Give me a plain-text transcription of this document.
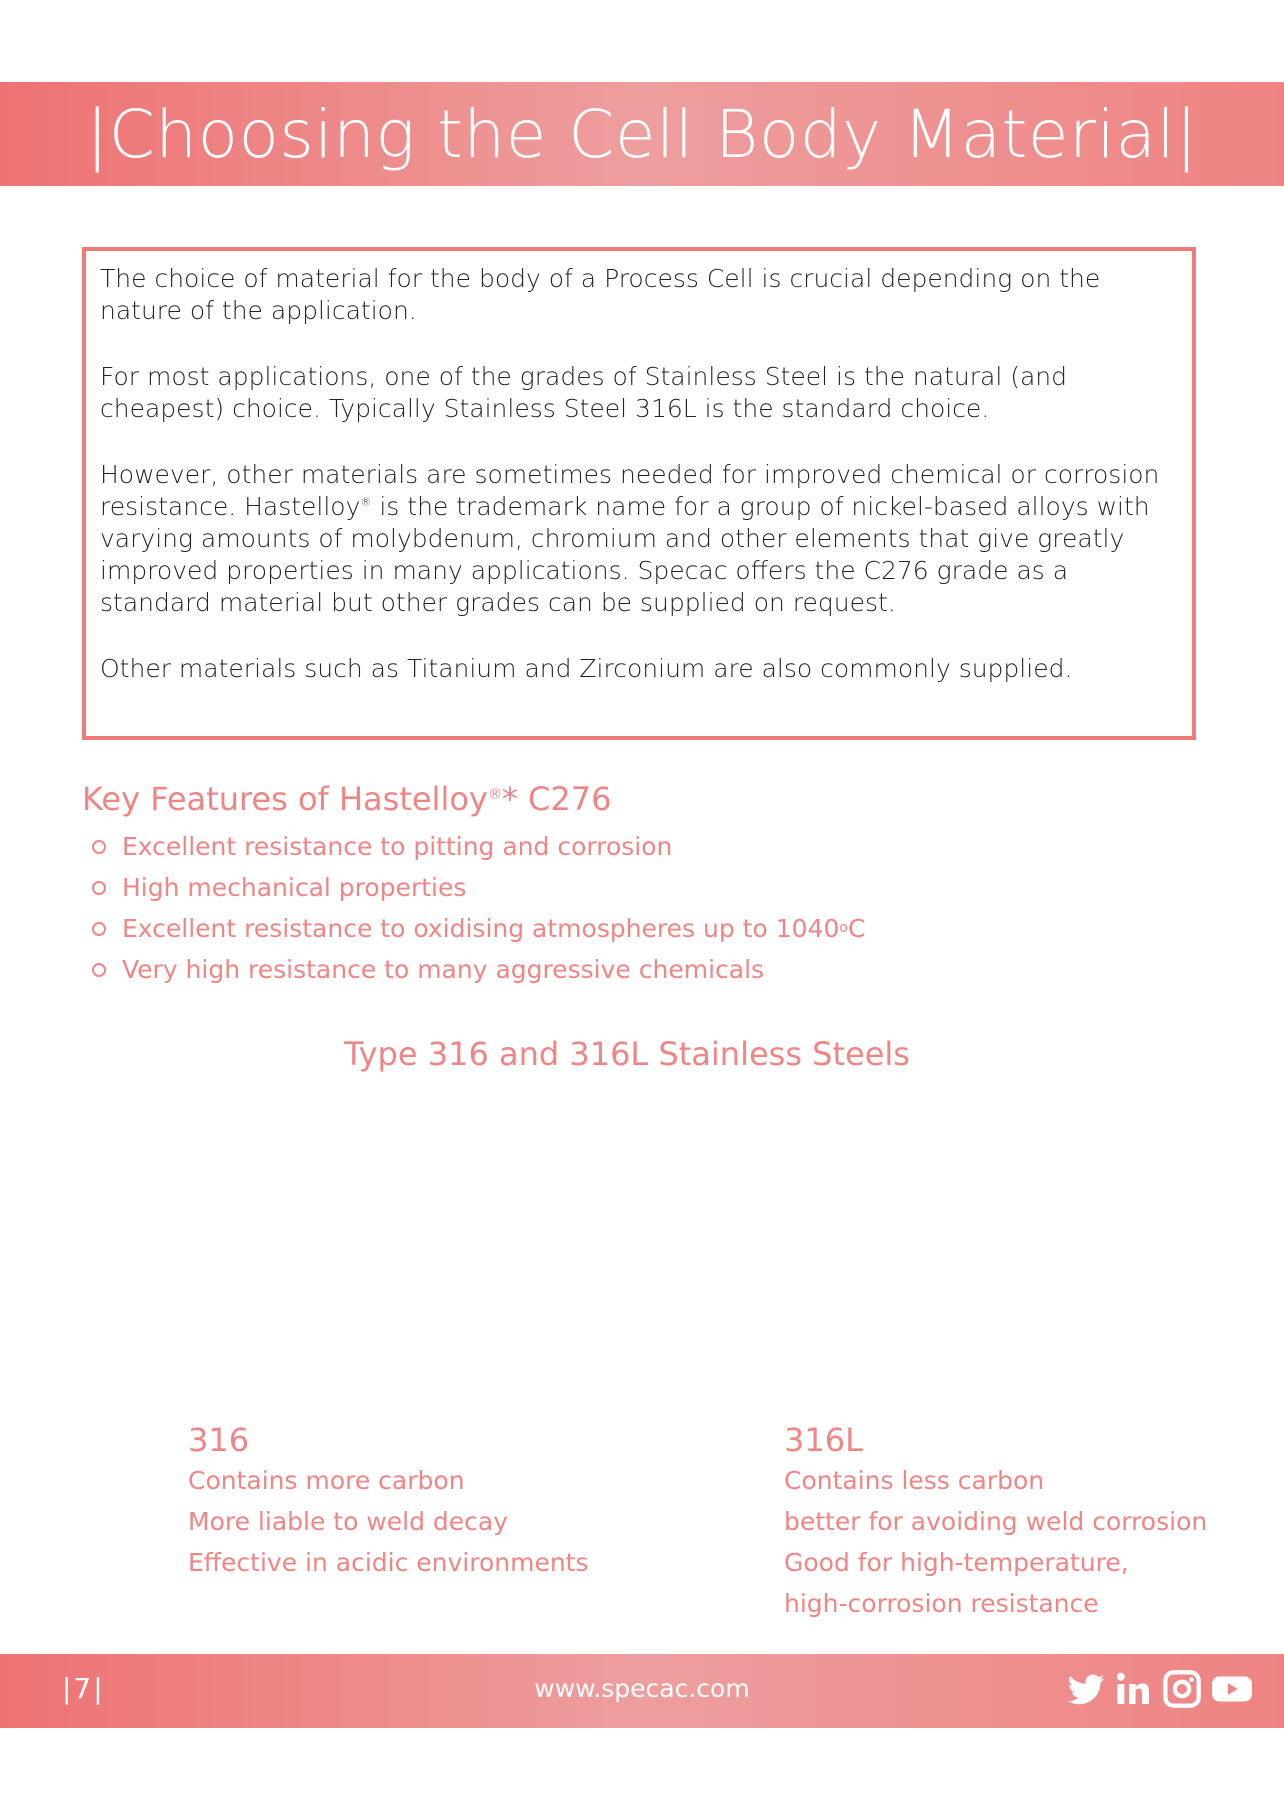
|Choosing the Cell Body Material|

The choice of material for the body of a Process Cell is crucial depending on the nature of the application.

For most applications, one of the grades of Stainless Steel is the natural (and cheapest) choice. Typically Stainless Steel 316L is the standard choice.

However, other materials are sometimes needed for improved chemical or corrosion resistance. Hastelloy® is the trademark name for a group of nickel-based alloys with varying amounts of molybdenum, chromium and other elements that give greatly improved properties in many applications. Specac offers the C276 grade as a standard material but other grades can be supplied on request.

Other materials such as Titanium and Zirconium are also commonly supplied.

Key Features of Hastelloy®* C276
Excellent resistance to pitting and corrosion
High mechanical properties
Excellent resistance to oxidising atmospheres up to 1040 o C
Very high resistance to many aggressive chemicals
Type 316 and 316L Stainless Steels
316
Contains more carbon
More liable to weld decay
Effective in acidic environments
316L
Contains less carbon
better for avoiding weld corrosion
Good for high-temperature,
high-corrosion resistance
|7|	www.specac.com
